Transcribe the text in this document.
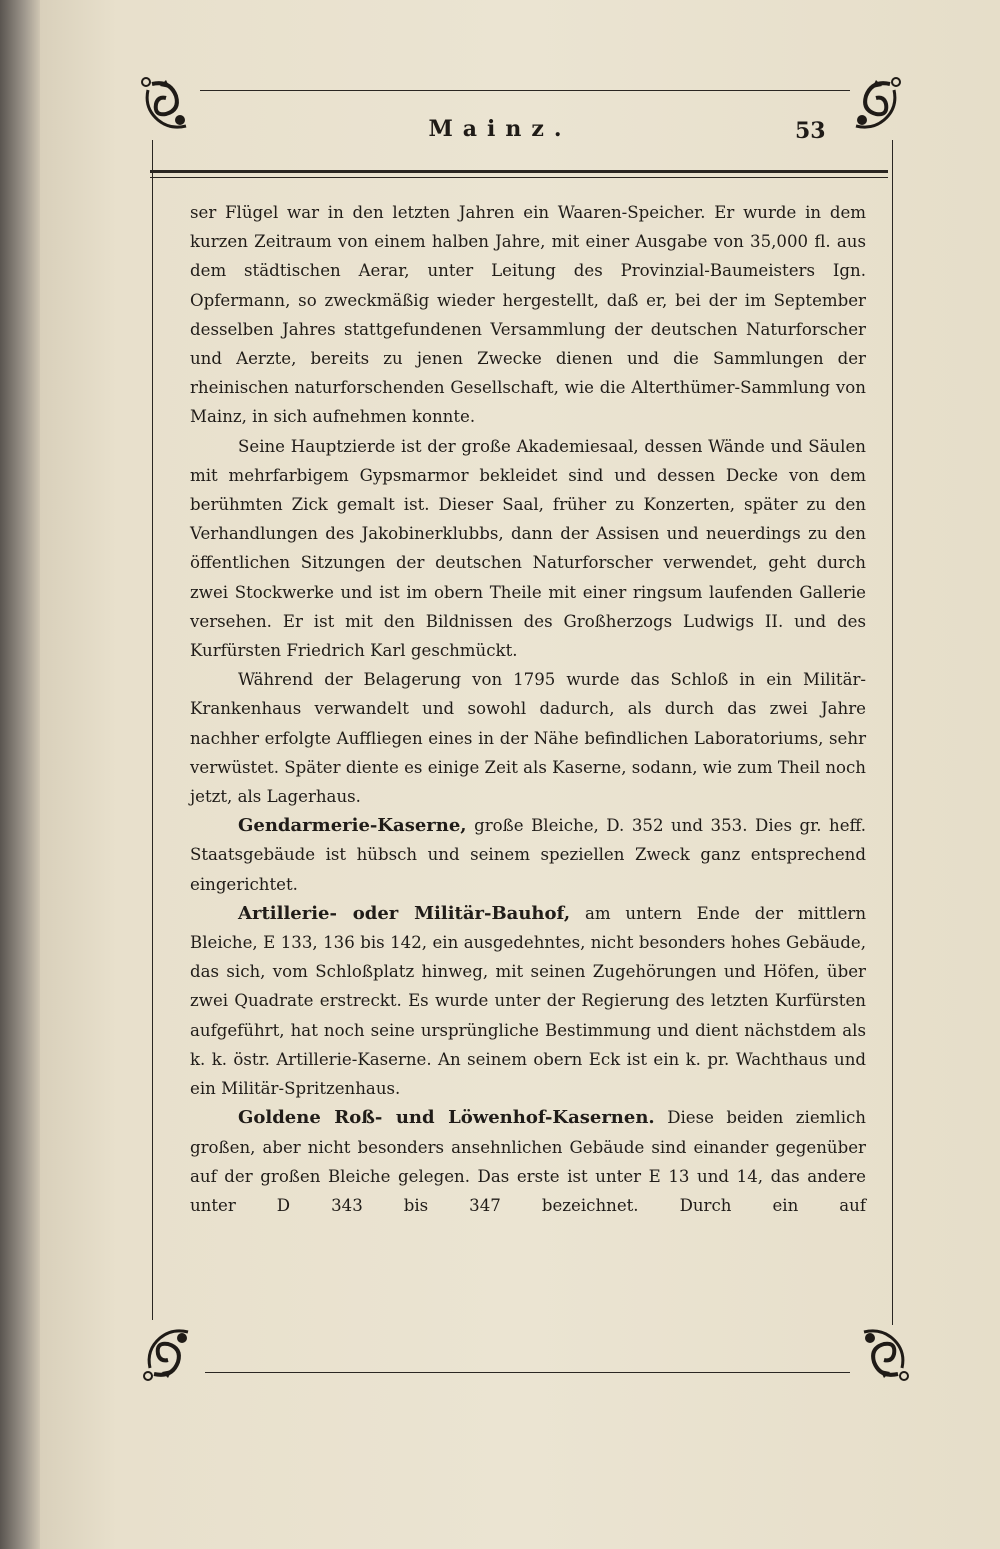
Mainz.	53

ser Flügel war in den letzten Jahren ein Waaren-Speicher. Er wurde in dem kurzen Zeitraum von einem halben Jahre, mit einer Ausgabe von 35,000 fl. aus dem städtischen Aerar, unter Leitung des Provinzial-Baumeisters Ign. Opfermann, so zweckmäßig wieder hergestellt, daß er, bei der im September desselben Jahres stattgefundenen Versammlung der deutschen Naturforscher und Aerzte, bereits zu jenen Zwecke dienen und die Sammlungen der rheinischen naturforschenden Gesellschaft, wie die Alterthümer-Sammlung von Mainz, in sich aufnehmen konnte.

Seine Hauptzierde ist der große Akademiesaal, dessen Wände und Säulen mit mehrfarbigem Gypsmarmor bekleidet sind und dessen Decke von dem berühmten Zick gemalt ist. Dieser Saal, früher zu Konzerten, später zu den Verhandlungen des Jakobinerklubbs, dann der Assisen und neuerdings zu den öffentlichen Sitzungen der deutschen Naturforscher verwendet, geht durch zwei Stockwerke und ist im obern Theile mit einer ringsum laufenden Gallerie versehen. Er ist mit den Bildnissen des Großherzogs Ludwigs II. und des Kurfürsten Friedrich Karl geschmückt.

Während der Belagerung von 1795 wurde das Schloß in ein Militär-Krankenhaus verwandelt und sowohl dadurch, als durch das zwei Jahre nachher erfolgte Auffliegen eines in der Nähe befindlichen Laboratoriums, sehr verwüstet. Später diente es einige Zeit als Kaserne, sodann, wie zum Theil noch jetzt, als Lagerhaus.

Gendarmerie-Kaserne, große Bleiche, D. 352 und 353. Dies gr. heff. Staatsgebäude ist hübsch und seinem speziellen Zweck ganz entsprechend eingerichtet.

Artillerie- oder Militär-Bauhof, am untern Ende der mittlern Bleiche, E 133, 136 bis 142, ein ausgedehntes, nicht besonders hohes Gebäude, das sich, vom Schloßplatz hinweg, mit seinen Zugehörungen und Höfen, über zwei Quadrate erstreckt. Es wurde unter der Regierung des letzten Kurfürsten aufgeführt, hat noch seine ursprüngliche Bestimmung und dient nächstdem als k. k. östr. Artillerie-Kaserne. An seinem obern Eck ist ein k. pr. Wachthaus und ein Militär-Spritzenhaus.

Goldene Roß- und Löwenhof-Kasernen. Diese beiden ziemlich großen, aber nicht besonders ansehnlichen Gebäude sind einander gegenüber auf der großen Bleiche gelegen. Das erste ist unter E 13 und 14, das andere unter D 343 bis 347 bezeichnet. Durch ein auf
